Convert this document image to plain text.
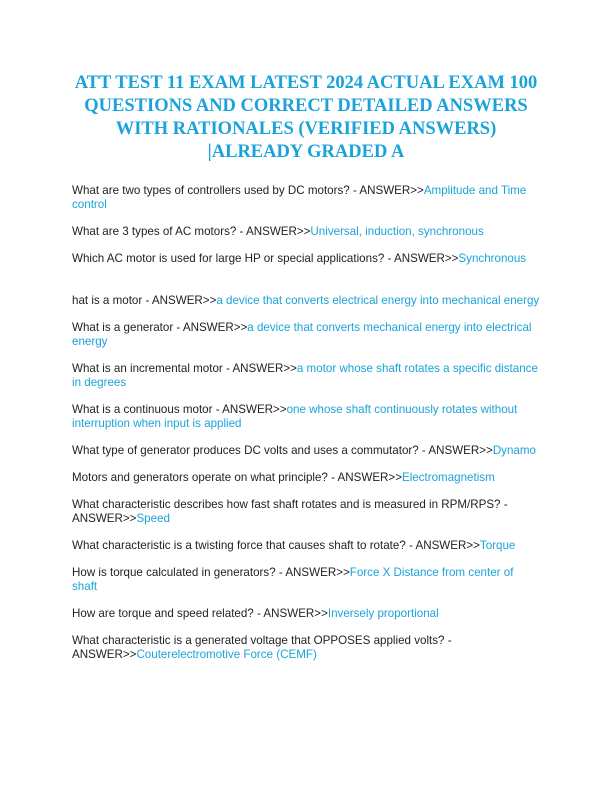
ATT TEST 11 EXAM LATEST 2024 ACTUAL EXAM 100
QUESTIONS AND CORRECT DETAILED ANSWERS
WITH RATIONALES (VERIFIED ANSWERS)
|ALREADY GRADED A

What are two types of controllers used by DC motors? - ANSWER>>Amplitude and Time control

What are 3 types of AC motors? - ANSWER>>Universal, induction, synchronous

Which AC motor is used for large HP or special applications? - ANSWER>>Synchronous

hat is a motor - ANSWER>>a device that converts electrical energy into mechanical energy

What is a generator - ANSWER>>a device that converts mechanical energy into electrical energy

What is an incremental motor - ANSWER>>a motor whose shaft rotates a specific distance in degrees

What is a continuous motor - ANSWER>>one whose shaft continuously rotates without interruption when input is applied

What type of generator produces DC volts and uses a commutator? - ANSWER>>Dynamo

Motors and generators operate on what principle? - ANSWER>>Electromagnetism

What characteristic describes how fast shaft rotates and is measured in RPM/RPS? - ANSWER>>Speed

What characteristic is a twisting force that causes shaft to rotate? - ANSWER>>Torque

How is torque calculated in generators? - ANSWER>>Force X Distance from center of shaft

How are torque and speed related? - ANSWER>>Inversely proportional

What characteristic is a generated voltage that OPPOSES applied volts? - ANSWER>>Couterelectromotive Force (CEMF)
